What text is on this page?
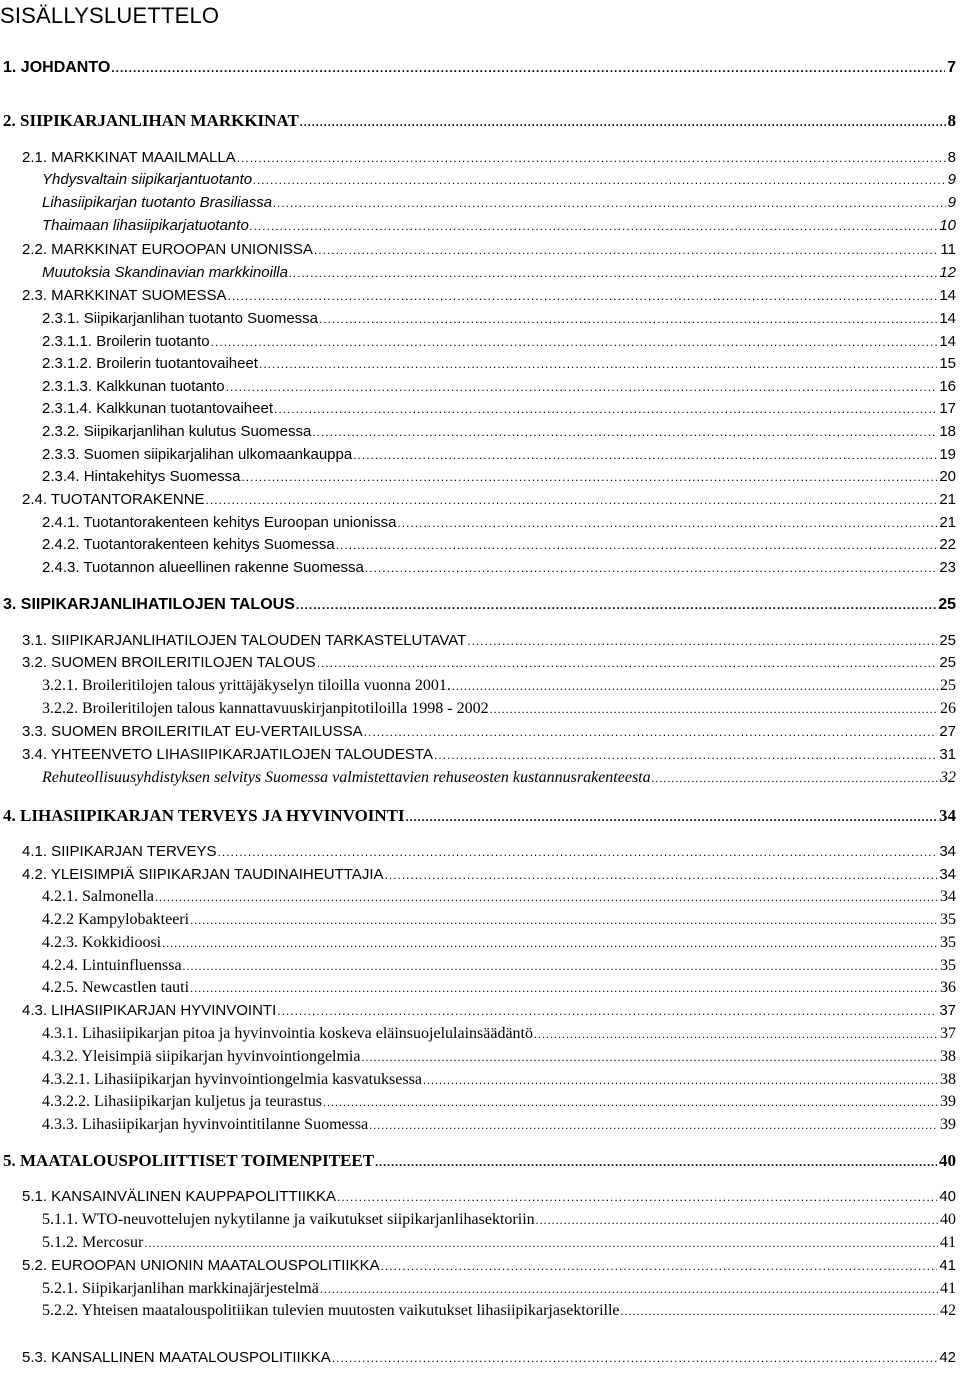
SISÄLLYSLUETTELO
1. JOHDANTO .....	7
2. SIIPIKARJANLIHAN MARKKINAT .....	8
2.1. MARKKINAT MAAILMALLA .....	8
Yhdysvaltain siipikarjantuotanto .....	9
Lihasiipikarjan tuotanto Brasiliassa .....	9
Thaimaan lihasiipikarjatuotanto .....	10
2.2. MARKKINAT EUROOPAN UNIONISSA .....	11
Muutoksia Skandinavian markkinoilla .....	12
2.3. MARKKINAT SUOMESSA .....	14
2.3.1. Siipikarjanlihan tuotanto Suomessa .....	14
2.3.1.1. Broilerin tuotanto .....	14
2.3.1.2. Broilerin tuotantovaiheet .....	15
2.3.1.3. Kalkkunan tuotanto .....	16
2.3.1.4. Kalkkunan tuotantovaiheet .....	17
2.3.2. Siipikarjanlihan kulutus Suomessa .....	18
2.3.3. Suomen siipikarjalihan ulkomaankauppa .....	19
2.3.4. Hintakehitys Suomessa .....	20
2.4. TUOTANTORAKENNE .....	21
2.4.1. Tuotantorakenteen kehitys Euroopan unionissa .....	21
2.4.2. Tuotantorakenteen kehitys Suomessa .....	22
2.4.3. Tuotannon alueellinen rakenne Suomessa .....	23
3. SIIPIKARJANLIHATILOJEN TALOUS .....	25
3.1. SIIPIKARJANLIHATILOJEN TALOUDEN TARKASTELUTAVAT .....	25
3.2. SUOMEN BROILERITILOJEN TALOUS .....	25
3.2.1. Broileritilojen talous yrittäjäkyselyn tiloilla vuonna 2001. .....	25
3.2.2. Broileritilojen talous kannattavuuskirjanpitotiloilla 1998 - 2002 .....	26
3.3. SUOMEN BROILERITILAT EU-VERTAILUSSA .....	27
3.4. YHTEENVETO LIHASIIPIKARJATILOJEN TALOUDESTA .....	31
Rehuteollisuusyhdistyksen selvitys Suomessa valmistettavien rehuseosten kustannusrakenteesta .....	32
4. LIHASIIPIKARJAN TERVEYS JA HYVINVOINTI .....	34
4.1. SIIPIKARJAN TERVEYS .....	34
4.2. YLEISIMPIÄ SIIPIKARJAN TAUDINAIHEUTTAJIA .....	34
4.2.1. Salmonella .....	34
4.2.2 Kampylobakteeri .....	35
4.2.3. Kokkidioosi .....	35
4.2.4. Lintuinfluenssa .....	35
4.2.5. Newcastlen tauti .....	36
4.3. LIHASIIPIKARJAN HYVINVOINTI .....	37
4.3.1. Lihasiipikarjan pitoa ja hyvinvointia koskeva eläinsuojelulainsäädäntö .....	37
4.3.2. Yleisimpiä siipikarjan hyvinvointiongelmia .....	38
4.3.2.1. Lihasiipikarjan hyvinvointiongelmia kasvatuksessa .....	38
4.3.2.2. Lihasiipikarjan kuljetus ja teurastus .....	39
4.3.3. Lihasiipikarjan hyvinvointitilanne Suomessa .....	39
5. MAATALOUSPOLIITTISET TOIMENPITEET .....	40
5.1. KANSAINVÄLINEN KAUPPAPOLITTIIKKA .....	40
5.1.1. WTO-neuvottelujen nykytilanne ja vaikutukset siipikarjanlihasektoriin .....	40
5.1.2. Mercosur .....	41
5.2. EUROOPAN UNIONIN MAATALOUSPOLITIIKKA .....	41
5.2.1. Siipikarjanlihan markkinajärjestelmä .....	41
5.2.2. Yhteisen maatalouspolitiikan tulevien muutosten vaikutukset lihasiipikarjasektorille .....	42
5.3. KANSALLINEN MAATALOUSPOLITIIKKA .....	42
